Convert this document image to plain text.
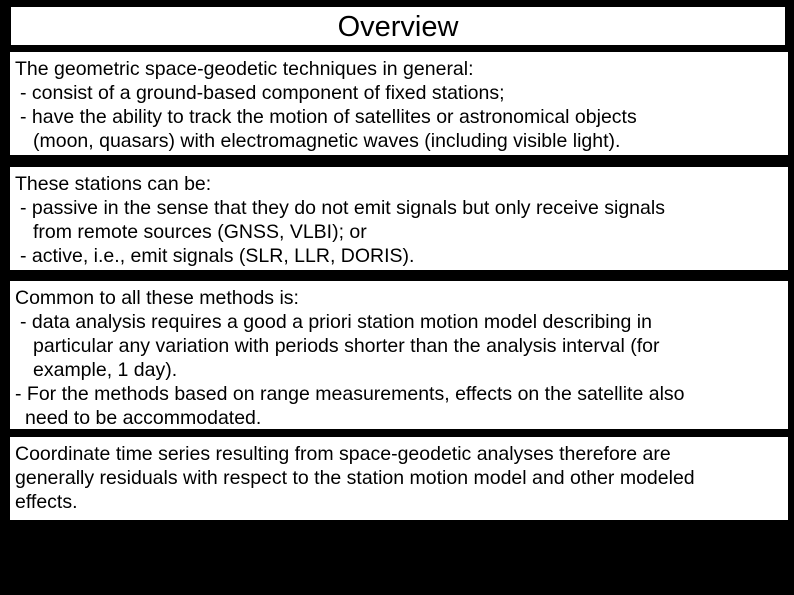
Overview
The geometric space-geodetic techniques in general:
- consist of a ground-based component of fixed stations;
- have the ability to track the motion of satellites or astronomical objects
(moon, quasars) with electromagnetic waves (including visible light).
These stations can be:
- passive in the sense that they do not emit signals but only receive signals
from remote sources (GNSS, VLBI); or
- active, i.e., emit signals (SLR, LLR, DORIS).
Common to all these methods is:
- data analysis requires a good a priori station motion model describing in
particular any variation with periods shorter than the analysis interval (for
example, 1 day).
- For the methods based on range measurements, effects on the satellite also
need to be accommodated.
Coordinate time series resulting from space-geodetic analyses therefore are
generally residuals with respect to the station motion model and other modeled
effects.
